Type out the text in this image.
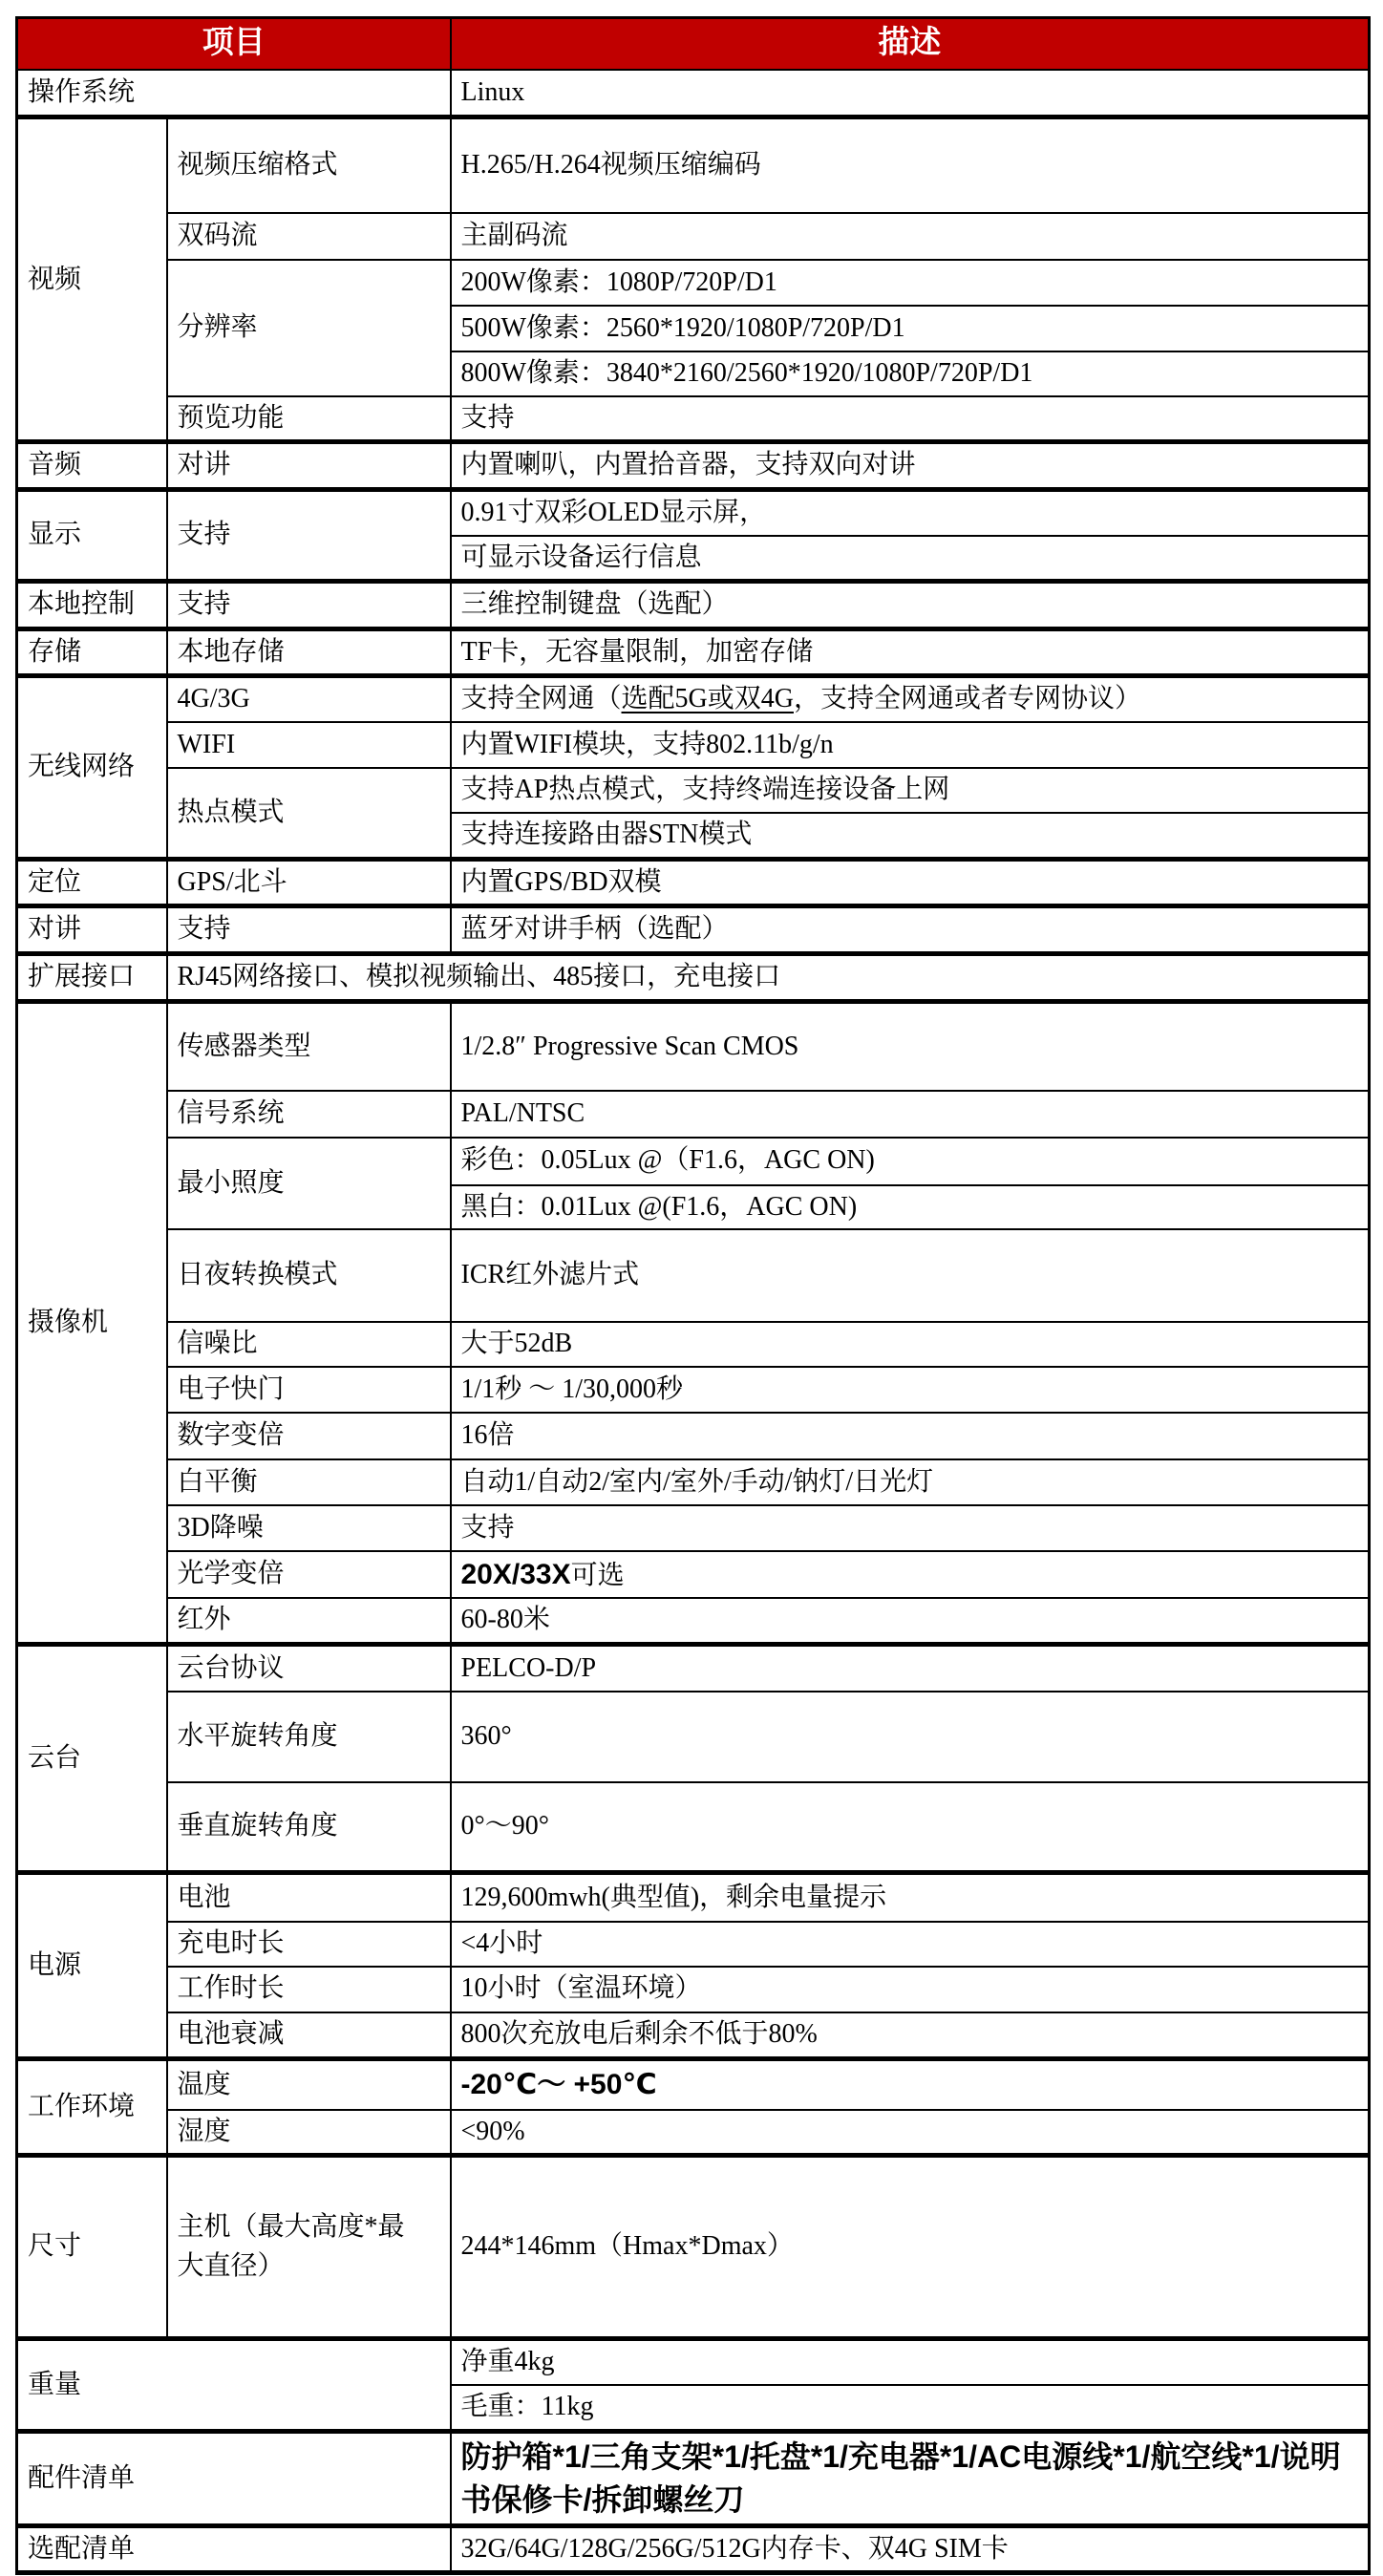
项目		描述
操作系统		Linux
视频	视频压缩格式	H.265/H.264视频压缩编码
	双码流	主副码流
	分辨率	200W像素：1080P/720P/D1
		500W像素：2560*1920/1080P/720P/D1
		800W像素：3840*2160/2560*1920/1080P/720P/D1
	预览功能	支持
音频	对讲	内置喇叭，内置拾音器，支持双向对讲
显示	支持	0.91寸双彩OLED显示屏，
		可显示设备运行信息
本地控制	支持	三维控制键盘（选配）
存储	本地存储	TF卡，无容量限制，加密存储
无线网络	4G/3G	支持全网通（选配5G或双4G，支持全网通或者专网协议）
	WIFI	内置WIFI模块，支持802.11b/g/n
	热点模式	支持AP热点模式，支持终端连接设备上网
		支持连接路由器STN模式
定位	GPS/北斗	内置GPS/BD双模
对讲	支持	蓝牙对讲手柄（选配）
扩展接口	RJ45网络接口、模拟视频输出、485接口，充电接口	
摄像机	传感器类型	1/2.8″ Progressive Scan CMOS
	信号系统	PAL/NTSC
	最小照度	彩色：0.05Lux @（F1.6，AGC ON)
		黑白：0.01Lux @(F1.6，AGC ON)
	日夜转换模式	ICR红外滤片式
	信噪比	大于52dB
	电子快门	1/1秒 ～ 1/30,000秒
	数字变倍	16倍
	白平衡	自动1/自动2/室内/室外/手动/钠灯/日光灯
	3D降噪	支持
	光学变倍	20X/33X可选
	红外	60-80米
云台	云台协议	PELCO-D/P
	水平旋转角度	360°
	垂直旋转角度	0°～90°
电源	电池	129,600mwh(典型值)，剩余电量提示
	充电时长	<4小时
	工作时长	10小时（室温环境）
	电池衰减	800次充放电后剩余不低于80%
工作环境	温度	-20℃～ +50℃
	湿度	<90%
尺寸	主机（最大高度*最大直径）	244*146mm（Hmax*Dmax）
重量		净重4kg
		毛重：11kg
配件清单		防护箱*1/三角支架*1/托盘*1/充电器*1/AC电源线*1/航空线*1/说明书保修卡/拆卸螺丝刀
选配清单		32G/64G/128G/256G/512G内存卡、双4G SIM卡
